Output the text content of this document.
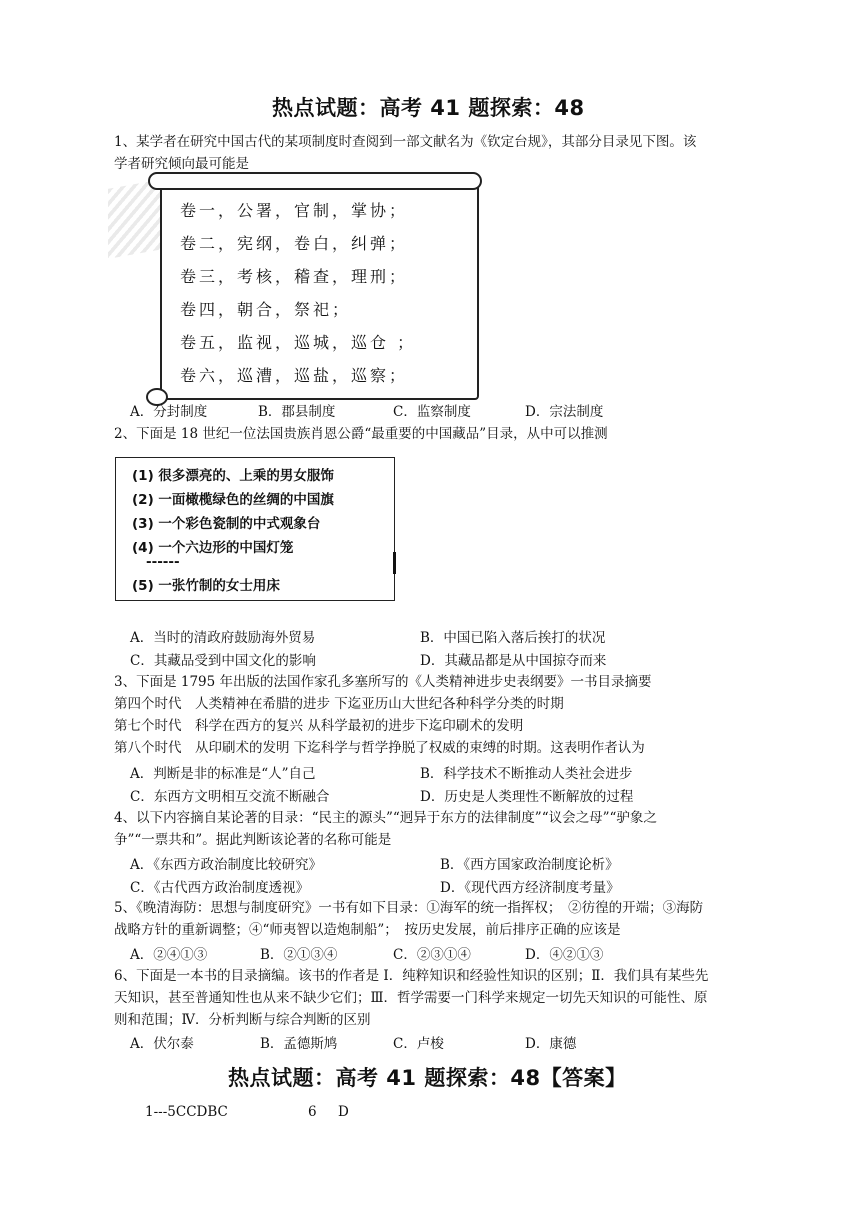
热点试题：高考 41 题探索：48
1、某学者在研究中国古代的某项制度时查阅到一部文献名为《钦定台规》，其部分目录见下图。该
学者研究倾向最可能是
卷一，公署，官制，掌协；
卷二，宪纲，卷白，纠弹；
卷三，考核，稽查，理刑；
卷四，朝合，祭祀；
卷五，监视，巡城，巡仓 ；
卷六，巡漕，巡盐，巡察；
A．分封制度	B．郡县制度	C．监察制度	D．宗法制度
2、下面是 18 世纪一位法国贵族肖恩公爵“最重要的中国藏品”目录，从中可以推测
(1) 很多漂亮的、上乘的男女服饰
(2) 一面橄榄绿色的丝绸的中国旗
(3) 一个彩色瓷制的中式观象台
(4) 一个六边形的中国灯笼
------
(5) 一张竹制的女士用床
A．当时的清政府鼓励海外贸易	B．中国已陷入落后挨打的状况
C．其藏品受到中国文化的影响	D．其藏品都是从中国掠夺而来
3、下面是 1795 年出版的法国作家孔多塞所写的《人类精神进步史表纲要》一书目录摘要
第四个时代　人类精神在希腊的进步 下迄亚历山大世纪各种科学分类的时期
第七个时代　科学在西方的复兴 从科学最初的进步下迄印刷术的发明
第八个时代　从印刷术的发明 下迄科学与哲学挣脱了权威的束缚的时期。这表明作者认为
A．判断是非的标准是“人”自己	B．科学技术不断推动人类社会进步
C．东西方文明相互交流不断融合	D．历史是人类理性不断解放的过程
4、以下内容摘自某论著的目录：“民主的源头”“迥异于东方的法律制度”“议会之母”“驴象之
争”“一票共和”。据此判断该论著的名称可能是
A．《东西方政治制度比较研究》	B．《西方国家政治制度论析》
C．《古代西方政治制度透视》	D．《现代西方经济制度考量》
5、《晚清海防：思想与制度研究》一书有如下目录：①海军的统一指挥权；　②彷徨的开端；③海防
战略方针的重新调整；④“师夷智以造炮制船”；　按历史发展，前后排序正确的应该是
A．②④①③	B．②①③④	C．②③①④	D．④②①③
6、下面是一本书的目录摘编。该书的作者是 I．纯粹知识和经验性知识的区别；Ⅱ．我们具有某些先
天知识，甚至普通知性也从来不缺少它们；Ⅲ．哲学需要一门科学来规定一切先天知识的可能性、原
则和范围；Ⅳ．分析判断与综合判断的区别
A．伏尔泰	B．孟德斯鸠	C．卢梭	D．康德
热点试题：高考 41 题探索：48【答案】
1---5CCDBC	6 D
